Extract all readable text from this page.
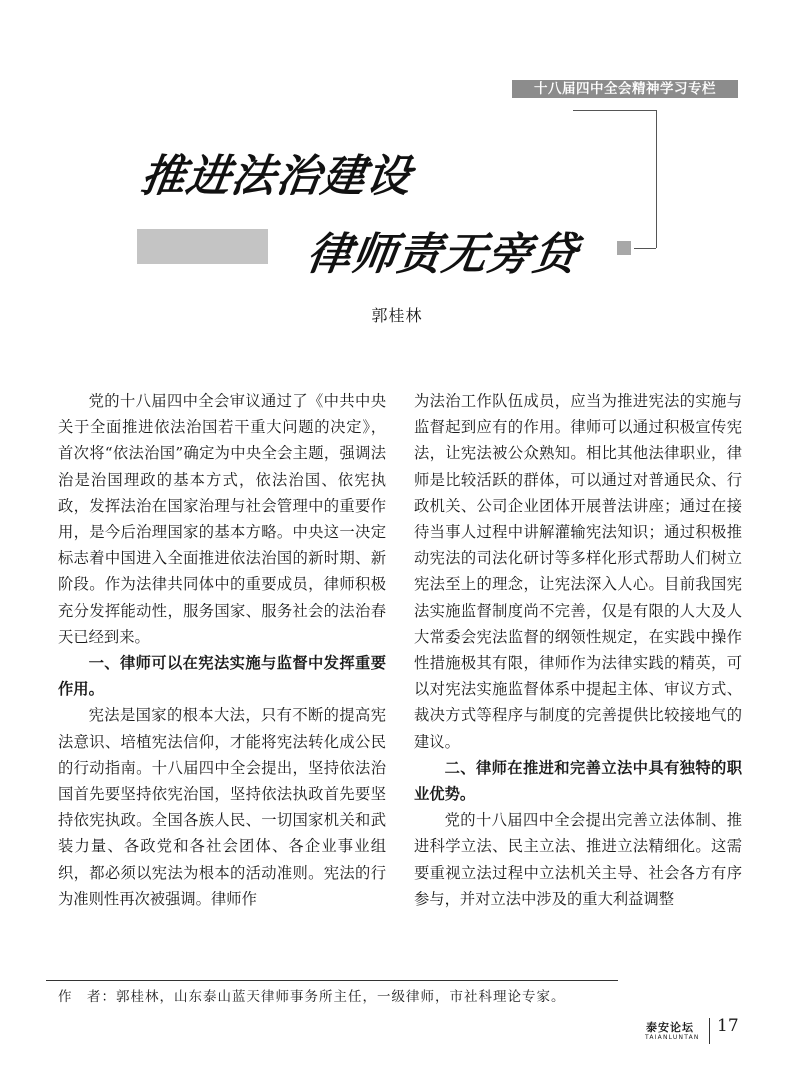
十八届四中全会精神学习专栏
推进法治建设
律师责无旁贷
郭桂林

党的十八届四中全会审议通过了《中共中央关于全面推进依法治国若干重大问题的决定》，首次将“依法治国”确定为中央全会主题，强调法治是治国理政的基本方式，依法治国、依宪执政，发挥法治在国家治理与社会管理中的重要作用，是今后治理国家的基本方略。中央这一决定标志着中国进入全面推进依法治国的新时期、新阶段。作为法律共同体中的重要成员，律师积极充分发挥能动性，服务国家、服务社会的法治春天已经到来。

一、律师可以在宪法实施与监督中发挥重要作用。

宪法是国家的根本大法，只有不断的提高宪法意识、培植宪法信仰，才能将宪法转化成公民的行动指南。十八届四中全会提出，坚持依法治国首先要坚持依宪治国，坚持依法执政首先要坚持依宪执政。全国各族人民、一切国家机关和武装力量、各政党和各社会团体、各企业事业组织，都必须以宪法为根本的活动准则。宪法的行为准则性再次被强调。律师作

为法治工作队伍成员，应当为推进宪法的实施与监督起到应有的作用。律师可以通过积极宣传宪法，让宪法被公众熟知。相比其他法律职业，律师是比较活跃的群体，可以通过对普通民众、行政机关、公司企业团体开展普法讲座；通过在接待当事人过程中讲解灌输宪法知识；通过积极推动宪法的司法化研讨等多样化形式帮助人们树立宪法至上的理念，让宪法深入人心。目前我国宪法实施监督制度尚不完善，仅是有限的人大及人大常委会宪法监督的纲领性规定，在实践中操作性措施极其有限，律师作为法律实践的精英，可以对宪法实施监督体系中提起主体、审议方式、裁决方式等程序与制度的完善提供比较接地气的建议。

二、律师在推进和完善立法中具有独特的职业优势。

党的十八届四中全会提出完善立法体制、推进科学立法、民主立法、推进立法精细化。这需要重视立法过程中立法机关主导、社会各方有序参与，并对立法中涉及的重大利益调整

作　者：郭桂林，山东泰山蓝天律师事务所主任，一级律师，市社科理论专家。
泰安论坛
TAIANLUNTAN
17
